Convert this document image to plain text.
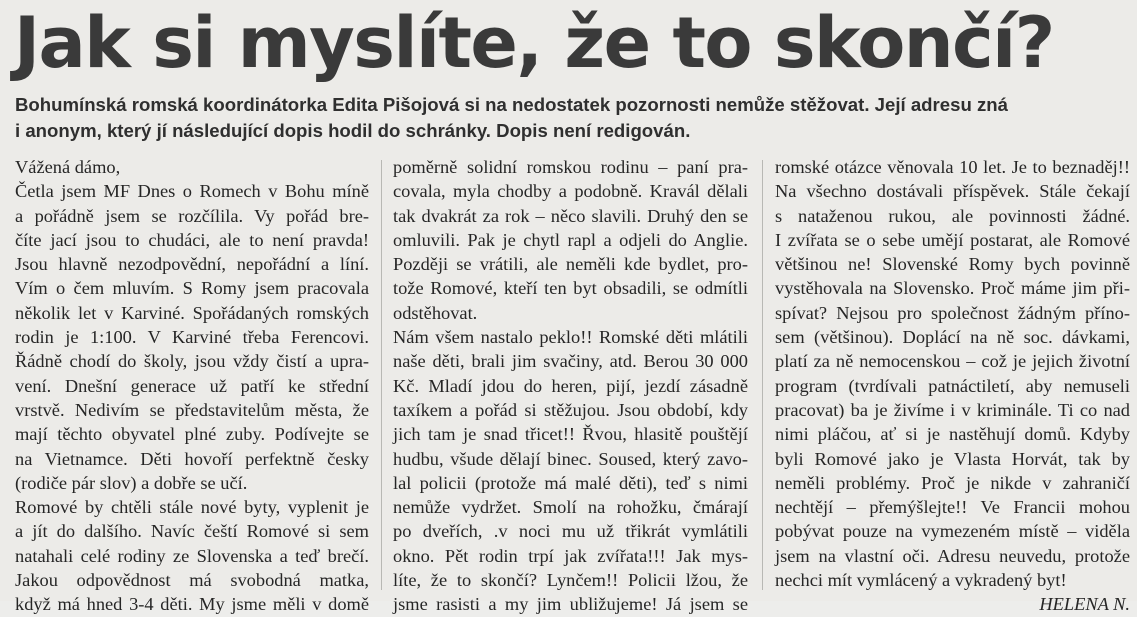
Jak si myslíte, že to skončí?
Bohumínská romská koordinátorka Edita Pišojová si na nedostatek pozornosti nemůže stěžovat. Její adresu zná
i anonym, který jí následující dopis hodil do schránky. Dopis není redigován.
Vážená dámo,
Četla jsem MF Dnes o Romech v Bohu míně
a pořádně jsem se rozčílila. Vy pořád bre-
číte jací jsou to chudáci, ale to není pravda!
Jsou hlavně nezodpovědní, nepořádní a líní.
Vím o čem mluvím. S Romy jsem pracovala
několik let v Karviné. Spořádaných romských
rodin je 1:100. V Karviné třeba Ferencovi.
Řádně chodí do školy, jsou vždy čistí a upra-
vení. Dnešní generace už patří ke střední
vrstvě. Nedivím se představitelům města, že
mají těchto obyvatel plné zuby. Podívejte se
na Vietnamce. Děti hovoří perfektně česky
(rodiče pár slov) a dobře se učí.
Romové by chtěli stále nové byty, vyplenit je
a jít do dalšího. Navíc čeští Romové si sem
natahali celé rodiny ze Slovenska a teď brečí.
Jakou odpovědnost má svobodná matka,
když má hned 3-4 děti. My jsme měli v domě
poměrně solidní romskou rodinu – paní pra-
covala, myla chodby a podobně. Kravál dělali
tak dvakrát za rok – něco slavili. Druhý den se
omluvili. Pak je chytl rapl a odjeli do Anglie.
Později se vrátili, ale neměli kde bydlet, pro-
tože Romové, kteří ten byt obsadili, se odmítli
odstěhovat.
Nám všem nastalo peklo!! Romské děti mlátili
naše děti, brali jim svačiny, atd. Berou 30 000
Kč. Mladí jdou do heren, pijí, jezdí zásadně
taxíkem a pořád si stěžujou. Jsou období, kdy
jich tam je snad třicet!! Řvou, hlasitě pouštějí
hudbu, všude dělají binec. Soused, který zavo-
lal policii (protože má malé děti), teď s nimi
nemůže vydržet. Smolí na rohožku, čmárají
po dveřích, .v noci mu už třikrát vymlátili
okno. Pět rodin trpí jak zvířata!!! Jak mys-
líte, že to skončí? Lynčem!! Policii lžou, že
jsme rasisti a my jim ubližujeme! Já jsem se
romské otázce věnovala 10 let. Je to beznaděj!!
Na všechno dostávali příspěvek. Stále čekají
s nataženou rukou, ale povinnosti žádné.
I zvířata se o sebe umějí postarat, ale Romové
většinou ne! Slovenské Romy bych povinně
vystěhovala na Slovensko. Proč máme jim při-
spívat? Nejsou pro společnost žádným příno-
sem (většinou). Doplácí na ně soc. dávkami,
platí za ně nemocenskou – což je jejich životní
program (tvrdívali patnáctiletí, aby nemuseli
pracovat) ba je živíme i v kriminále. Ti co nad
nimi pláčou, ať si je nastěhují domů. Kdyby
byli Romové jako je Vlasta Horvát, tak by
neměli problémy. Proč je nikde v zahraničí
nechtějí – přemýšlejte!! Ve Francii mohou
pobývat pouze na vymezeném místě – viděla
jsem na vlastní oči. Adresu neuvedu, protože
nechci mít vymlácený a vykradený byt!
HELENA N.
